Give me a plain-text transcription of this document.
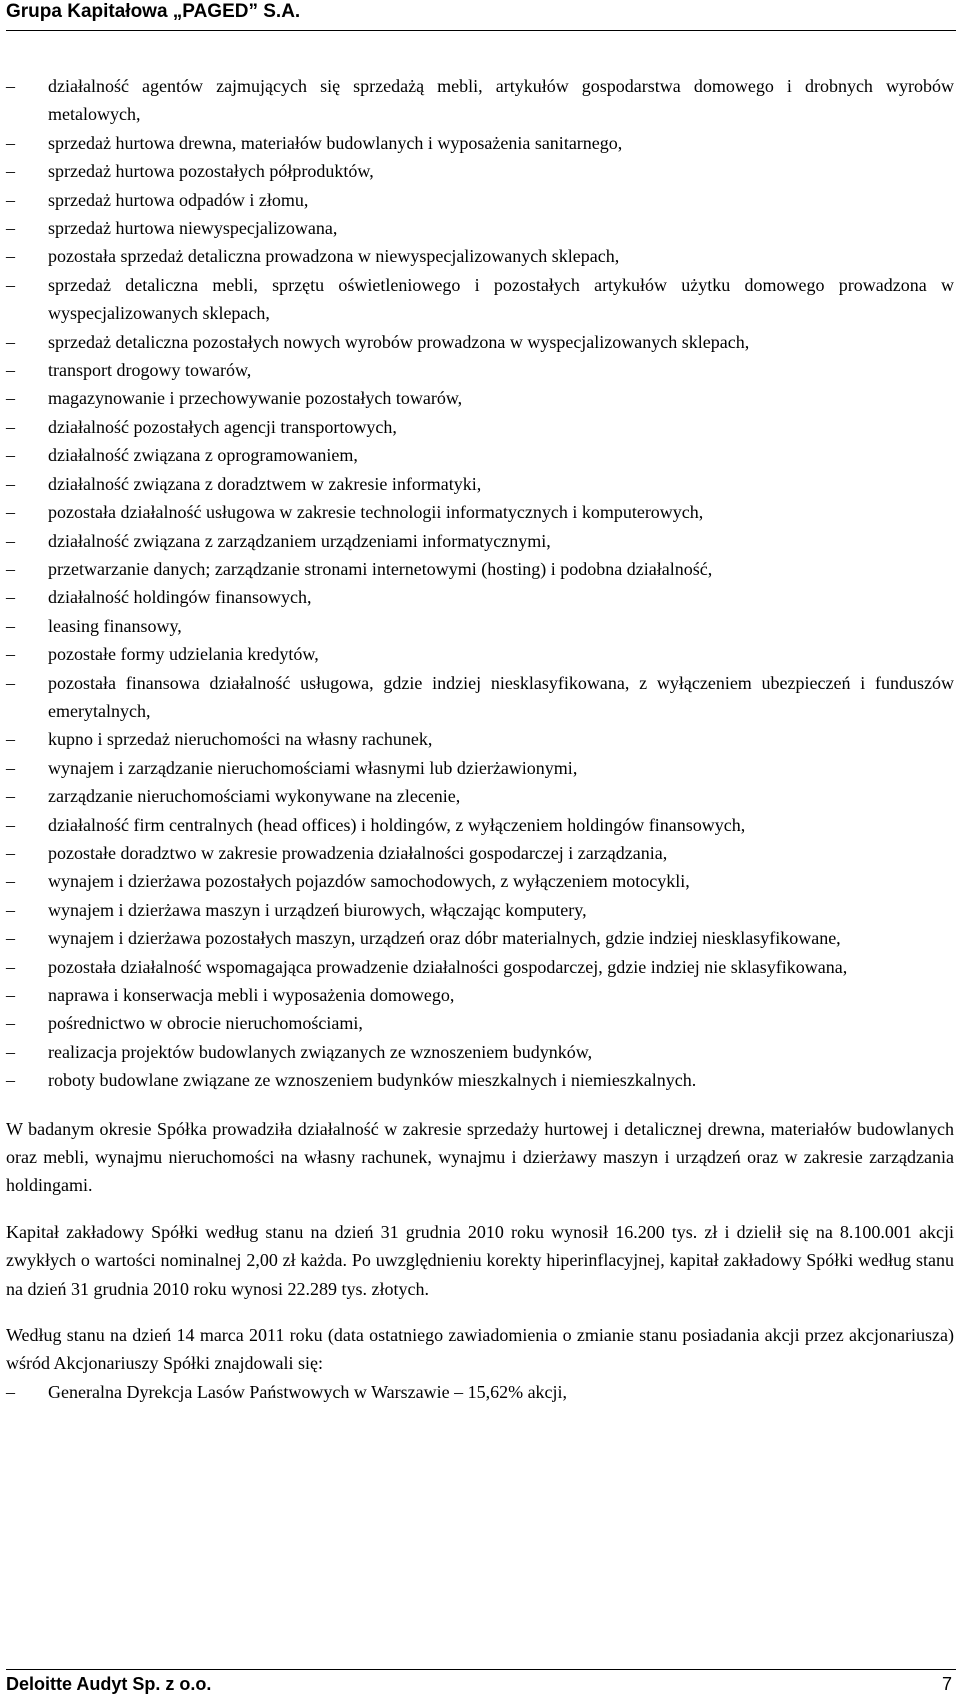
Grupa Kapitałowa „PAGED” S.A.
–	działalność agentów zajmujących się sprzedażą mebli, artykułów gospodarstwa domowego i drobnych wyrobów metalowych,
–	sprzedaż hurtowa drewna, materiałów budowlanych i wyposażenia sanitarnego,
–	sprzedaż hurtowa pozostałych półproduktów,
–	sprzedaż hurtowa odpadów i złomu,
–	sprzedaż hurtowa niewyspecjalizowana,
–	pozostała sprzedaż detaliczna prowadzona w niewyspecjalizowanych sklepach,
–	sprzedaż detaliczna mebli, sprzętu oświetleniowego i pozostałych artykułów użytku domowego prowadzona w wyspecjalizowanych sklepach,
–	sprzedaż detaliczna pozostałych nowych wyrobów prowadzona w wyspecjalizowanych sklepach,
–	transport drogowy towarów,
–	magazynowanie i przechowywanie pozostałych towarów,
–	działalność pozostałych agencji transportowych,
–	działalność związana z oprogramowaniem,
–	działalność związana z doradztwem w zakresie informatyki,
–	pozostała działalność usługowa w zakresie technologii informatycznych i komputerowych,
–	działalność związana z zarządzaniem urządzeniami informatycznymi,
–	przetwarzanie danych; zarządzanie stronami internetowymi (hosting) i podobna działalność,
–	działalność holdingów finansowych,
–	leasing finansowy,
–	pozostałe formy udzielania kredytów,
–	pozostała finansowa działalność usługowa, gdzie indziej niesklasyfikowana, z wyłączeniem ubezpieczeń i funduszów emerytalnych,
–	kupno i sprzedaż nieruchomości na własny rachunek,
–	wynajem i zarządzanie nieruchomościami własnymi lub dzierżawionymi,
–	zarządzanie nieruchomościami wykonywane na zlecenie,
–	działalność firm centralnych (head offices) i holdingów, z wyłączeniem holdingów finansowych,
–	pozostałe doradztwo w zakresie prowadzenia działalności gospodarczej i zarządzania,
–	wynajem i dzierżawa pozostałych pojazdów samochodowych, z wyłączeniem motocykli,
–	wynajem i dzierżawa maszyn i urządzeń biurowych, włączając komputery,
–	wynajem i dzierżawa pozostałych maszyn, urządzeń oraz dóbr materialnych, gdzie indziej niesklasyfikowane,
–	pozostała działalność wspomagająca prowadzenie działalności gospodarczej, gdzie indziej nie sklasyfikowana,
–	naprawa i konserwacja mebli i wyposażenia domowego,
–	pośrednictwo w obrocie nieruchomościami,
–	realizacja projektów budowlanych związanych ze wznoszeniem budynków,
–	roboty budowlane związane ze wznoszeniem budynków mieszkalnych i niemieszkalnych.

W badanym okresie Spółka prowadziła działalność w zakresie sprzedaży hurtowej i detalicznej drewna, materiałów budowlanych oraz mebli, wynajmu nieruchomości na własny rachunek, wynajmu i dzierżawy maszyn i urządzeń oraz w zakresie zarządzania holdingami.

Kapitał zakładowy Spółki według stanu na dzień 31 grudnia 2010 roku wynosił 16.200 tys. zł i dzielił się na 8.100.001 akcji zwykłych o wartości nominalnej 2,00 zł każda. Po uwzględnieniu korekty hiperinflacyjnej, kapitał zakładowy Spółki według stanu na dzień 31 grudnia 2010 roku wynosi 22.289 tys. złotych.

Według stanu na dzień 14 marca 2011 roku (data ostatniego zawiadomienia o zmianie stanu posiadania akcji przez akcjonariusza) wśród Akcjonariuszy Spółki znajdowali się:

–	Generalna Dyrekcja Lasów Państwowych w Warszawie – 15,62% akcji,
Deloitte Audyt Sp. z o.o.	7
